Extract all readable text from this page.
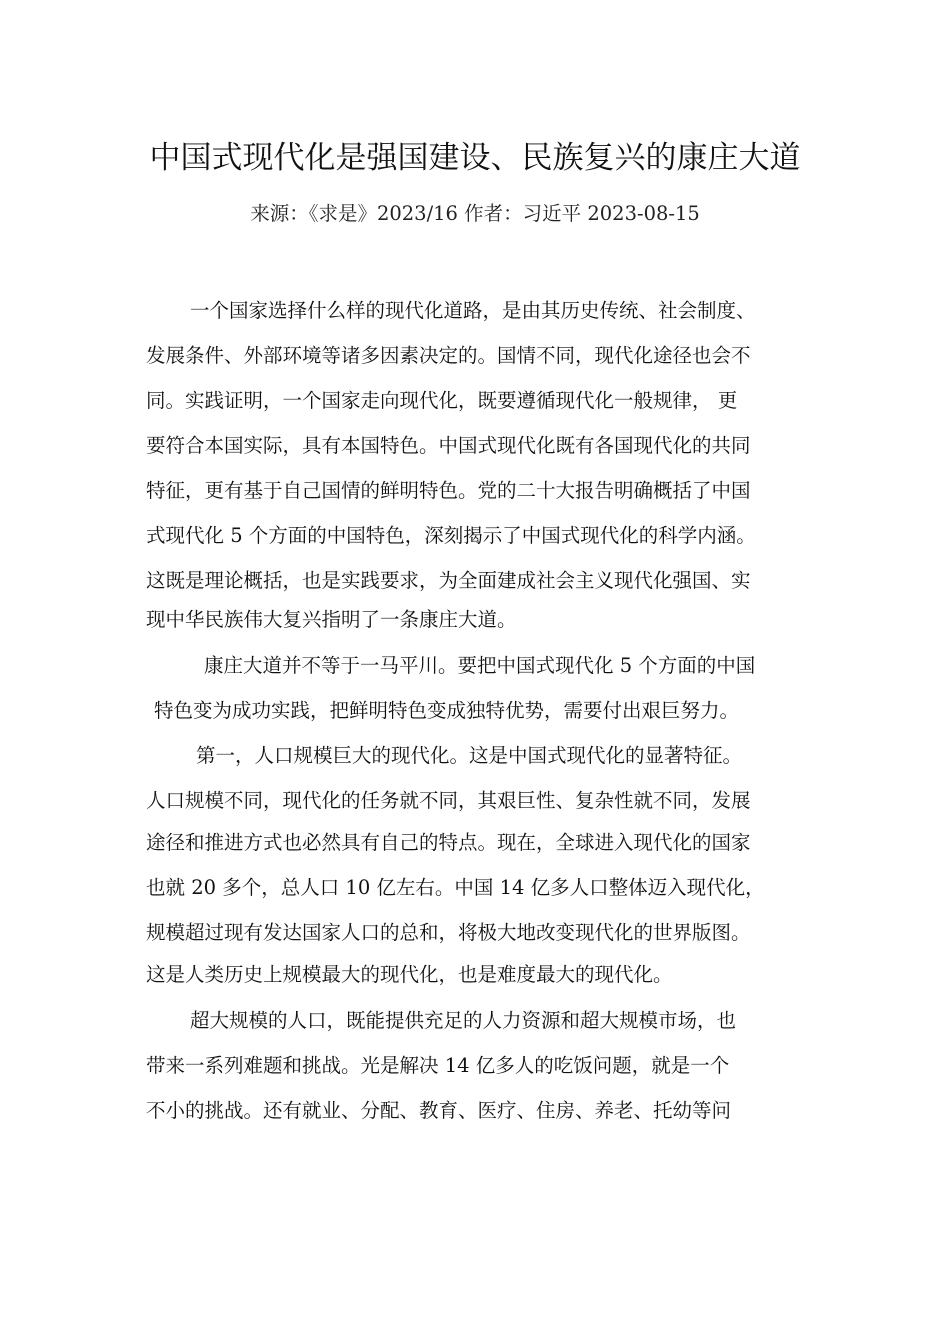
中国式现代化是强国建设、民族复兴的康庄大道
来源：《求是》2023/16 作者：习近平 2023-08-15
一个国家选择什么样的现代化道路，是由其历史传统、社会制度、
发展条件、外部环境等诸多因素决定的。国情不同，现代化途径也会不
同。实践证明，一个国家走向现代化，既要遵循现代化一般规律， 更
要符合本国实际，具有本国特色。中国式现代化既有各国现代化的共同
特征，更有基于自己国情的鲜明特色。党的二十大报告明确概括了中国
式现代化 5 个方面的中国特色，深刻揭示了中国式现代化的科学内涵。
这既是理论概括，也是实践要求，为全面建成社会主义现代化强国、实
现中华民族伟大复兴指明了一条康庄大道。
康庄大道并不等于一马平川。要把中国式现代化 5 个方面的中国
特色变为成功实践，把鲜明特色变成独特优势，需要付出艰巨努力。
第一，人口规模巨大的现代化。这是中国式现代化的显著特征。
人口规模不同，现代化的任务就不同，其艰巨性、复杂性就不同，发展
途径和推进方式也必然具有自己的特点。现在，全球进入现代化的国家
也就 20 多个，总人口 10 亿左右。中国 14 亿多人口整体迈入现代化，
规模超过现有发达国家人口的总和，将极大地改变现代化的世界版图。
这是人类历史上规模最大的现代化，也是难度最大的现代化。
超大规模的人口，既能提供充足的人力资源和超大规模市场，也
带来一系列难题和挑战。光是解决 14 亿多人的吃饭问题，就是一个
不小的挑战。还有就业、分配、教育、医疗、住房、养老、托幼等问
